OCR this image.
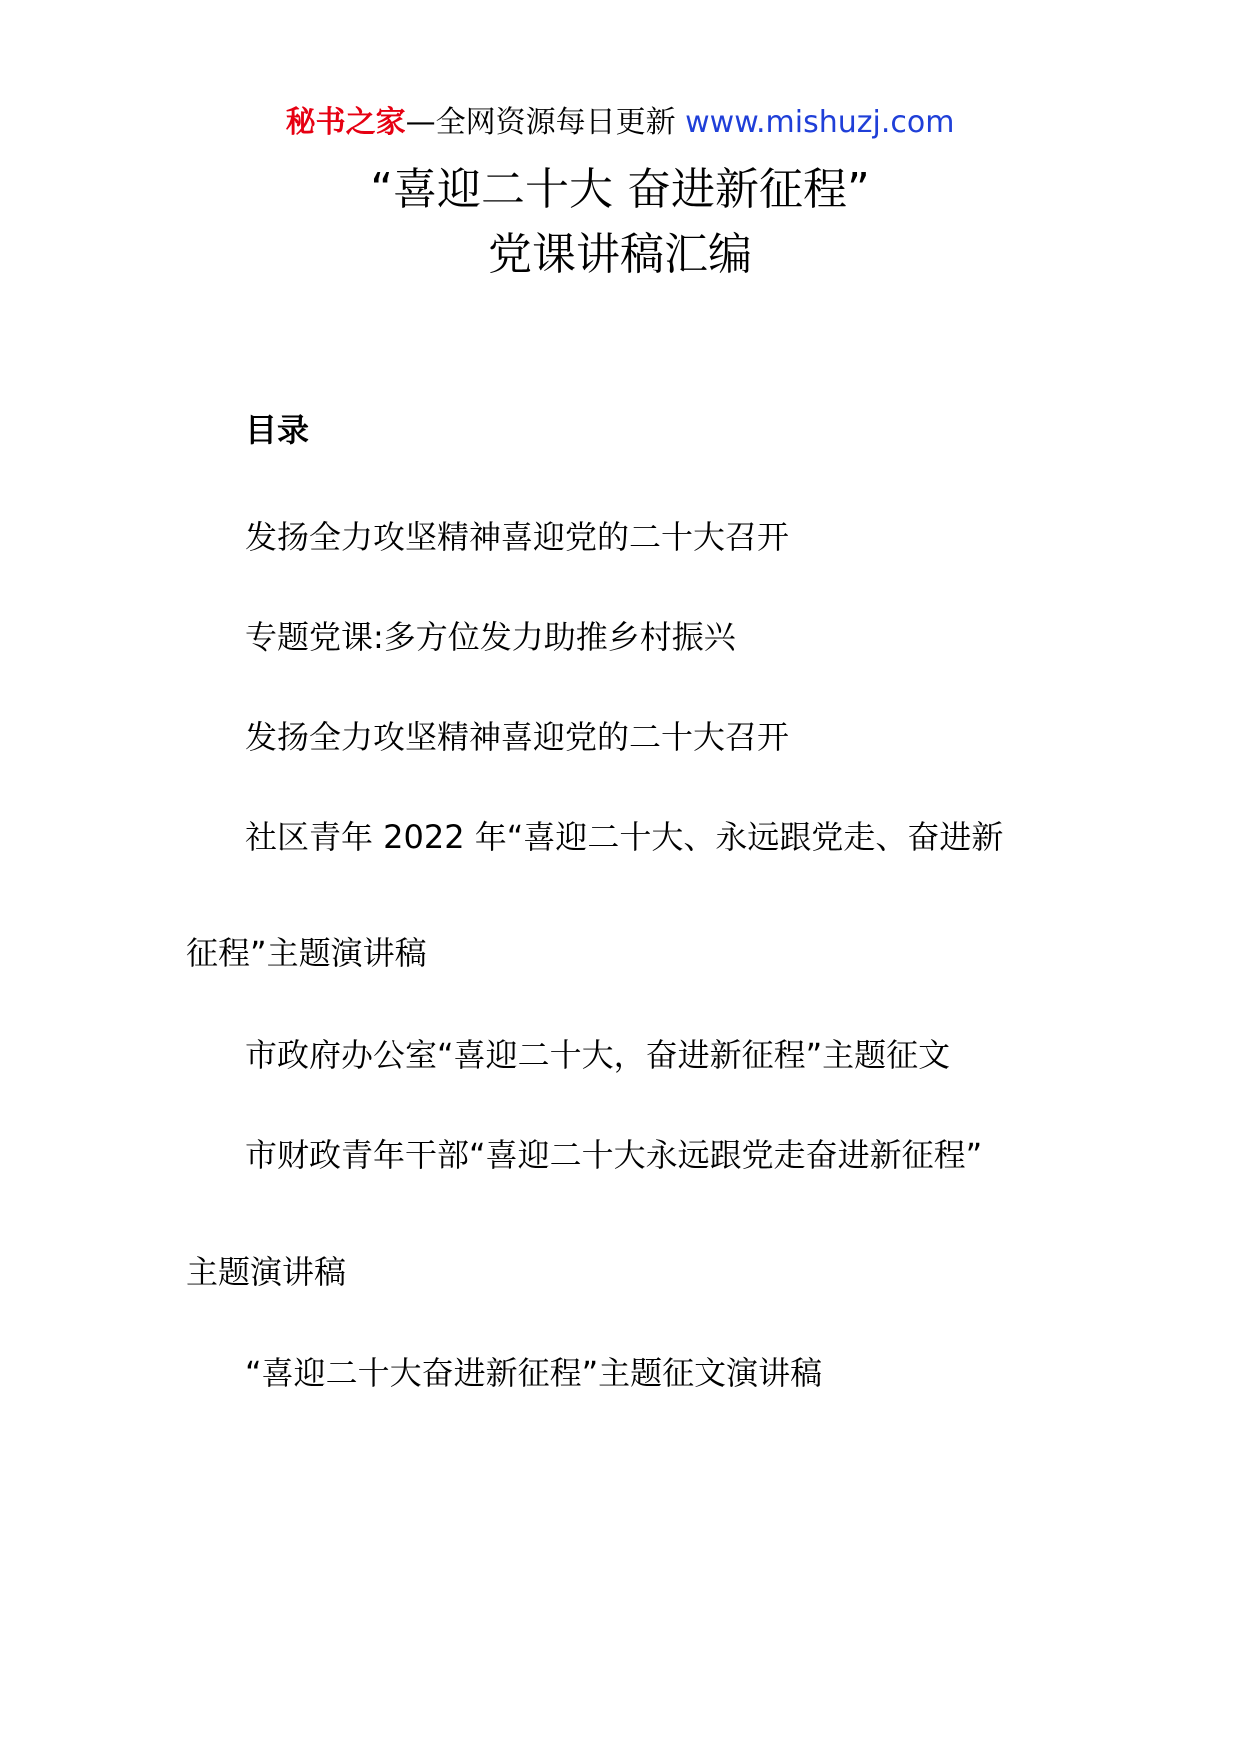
秘书之家—全网资源每日更新 www.mishuzj.com
“喜迎二十大 奋进新征程”
党课讲稿汇编
目录
发扬全力攻坚精神喜迎党的二十大召开
专题党课:多方位发力助推乡村振兴
发扬全力攻坚精神喜迎党的二十大召开
社区青年 2022 年“喜迎二十大、永远跟党走、奋进新
征程”主题演讲稿
市政府办公室“喜迎二十大，奋进新征程”主题征文
市财政青年干部“喜迎二十大永远跟党走奋进新征程”
主题演讲稿
“喜迎二十大奋进新征程”主题征文演讲稿
